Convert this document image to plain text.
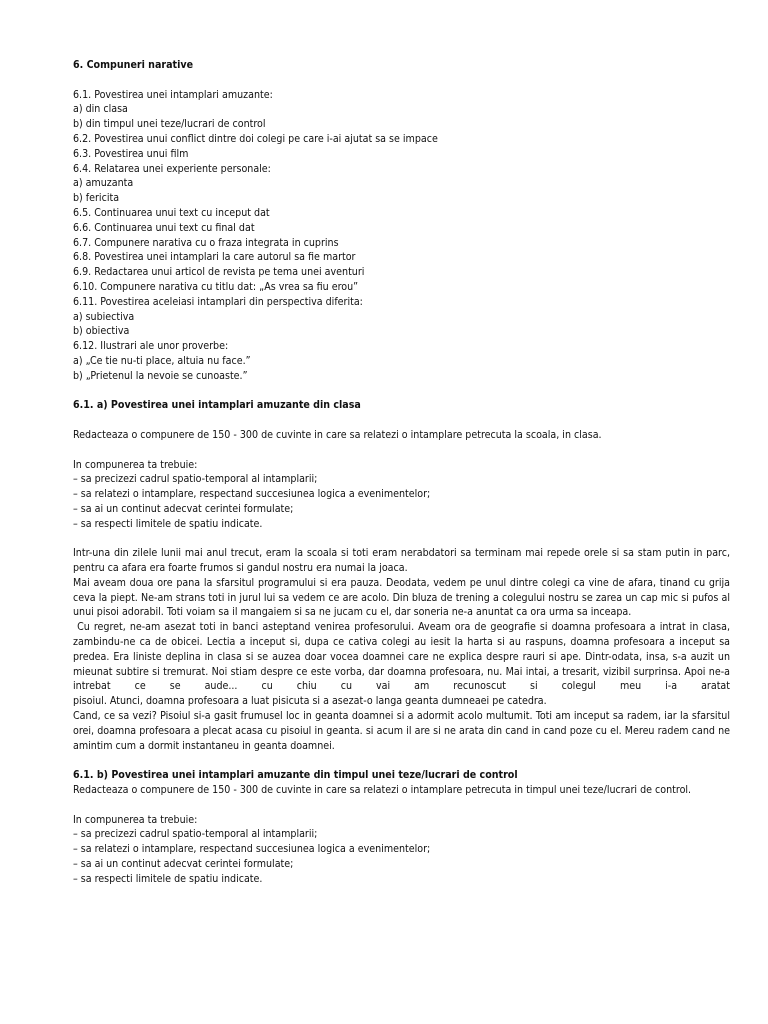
6. Compuneri narative
6.1. Povestirea unei intamplari amuzante:
a) din clasa
b) din timpul unei teze/lucrari de control
6.2. Povestirea unui conflict dintre doi colegi pe care i-ai ajutat sa se impace
6.3. Povestirea unui film
6.4. Relatarea unei experiente personale:
a) amuzanta
b) fericita
6.5. Continuarea unui text cu inceput dat
6.6. Continuarea unui text cu final dat
6.7. Compunere narativa cu o fraza integrata in cuprins
6.8. Povestirea unei intamplari la care autorul sa fie martor
6.9. Redactarea unui articol de revista pe tema unei aventuri
6.10. Compunere narativa cu titlu dat: „As vrea sa fiu erou”
6.11. Povestirea aceleiasi intamplari din perspectiva diferita:
a) subiectiva
b) obiectiva
6.12. Ilustrari ale unor proverbe:
a) „Ce tie nu-ti place, altuia nu face.”
b) „Prietenul la nevoie se cunoaste.”
6.1. a) Povestirea unei intamplari amuzante din clasa
Redacteaza o compunere de 150 - 300 de cuvinte in care sa relatezi o intamplare petrecuta la scoala, in clasa.
In compunerea ta trebuie:
– sa precizezi cadrul spatio-temporal al intamplarii;
– sa relatezi o intamplare, respectand succesiunea logica a evenimentelor;
– sa ai un continut adecvat cerintei formulate;
– sa respecti limitele de spatiu indicate.
Intr-una din zilele lunii mai anul trecut, eram la scoala si toti eram nerabdatori sa terminam mai repede orele si sa stam putin in parc, pentru ca afara era foarte frumos si gandul nostru era numai la joaca.
Mai aveam doua ore pana la sfarsitul programului si era pauza. Deodata, vedem pe unul dintre colegi ca vine de afara, tinand cu grija ceva la piept. Ne-am strans toti in jurul lui sa vedem ce are acolo. Din bluza de trening a colegului nostru se zarea un cap mic si pufos al unui pisoi adorabil. Toti voiam sa il mangaiem si sa ne jucam cu el, dar soneria ne-a anuntat ca ora urma sa inceapa.
Cu regret, ne-am asezat toti in banci asteptand venirea profesorului. Aveam ora de geografie si doamna profesoara a intrat in clasa, zambindu-ne ca de obicei. Lectia a inceput si, dupa ce cativa colegi au iesit la harta si au raspuns, doamna profesoara a inceput sa predea. Era liniste deplina in clasa si se auzea doar vocea doamnei care ne explica despre rauri si ape. Dintr-odata, insa, s-a auzit un mieunat subtire si tremurat. Noi stiam despre ce este vorba, dar doamna profesoara, nu. Mai intai, a tresarit, vizibil surprinsa. Apoi ne-a intrebat ce se aude... cu chiu cu vai am recunoscut si colegul meu i-a aratat
pisoiul. Atunci, doamna profesoara a luat pisicuta si a asezat-o langa geanta dumneaei pe catedra.
Cand, ce sa vezi? Pisoiul si-a gasit frumusel loc in geanta doamnei si a adormit acolo multumit. Toti am inceput sa radem, iar la sfarsitul orei, doamna profesoara a plecat acasa cu pisoiul in geanta. si acum il are si ne arata din cand in cand poze cu el. Mereu radem cand ne amintim cum a dormit instantaneu in geanta doamnei.
6.1. b) Povestirea unei intamplari amuzante din timpul unei teze/lucrari de control
Redacteaza o compunere de 150 - 300 de cuvinte in care sa relatezi o intamplare petrecuta in timpul unei teze/lucrari de control.
In compunerea ta trebuie:
– sa precizezi cadrul spatio-temporal al intamplarii;
– sa relatezi o intamplare, respectand succesiunea logica a evenimentelor;
– sa ai un continut adecvat cerintei formulate;
– sa respecti limitele de spatiu indicate.
